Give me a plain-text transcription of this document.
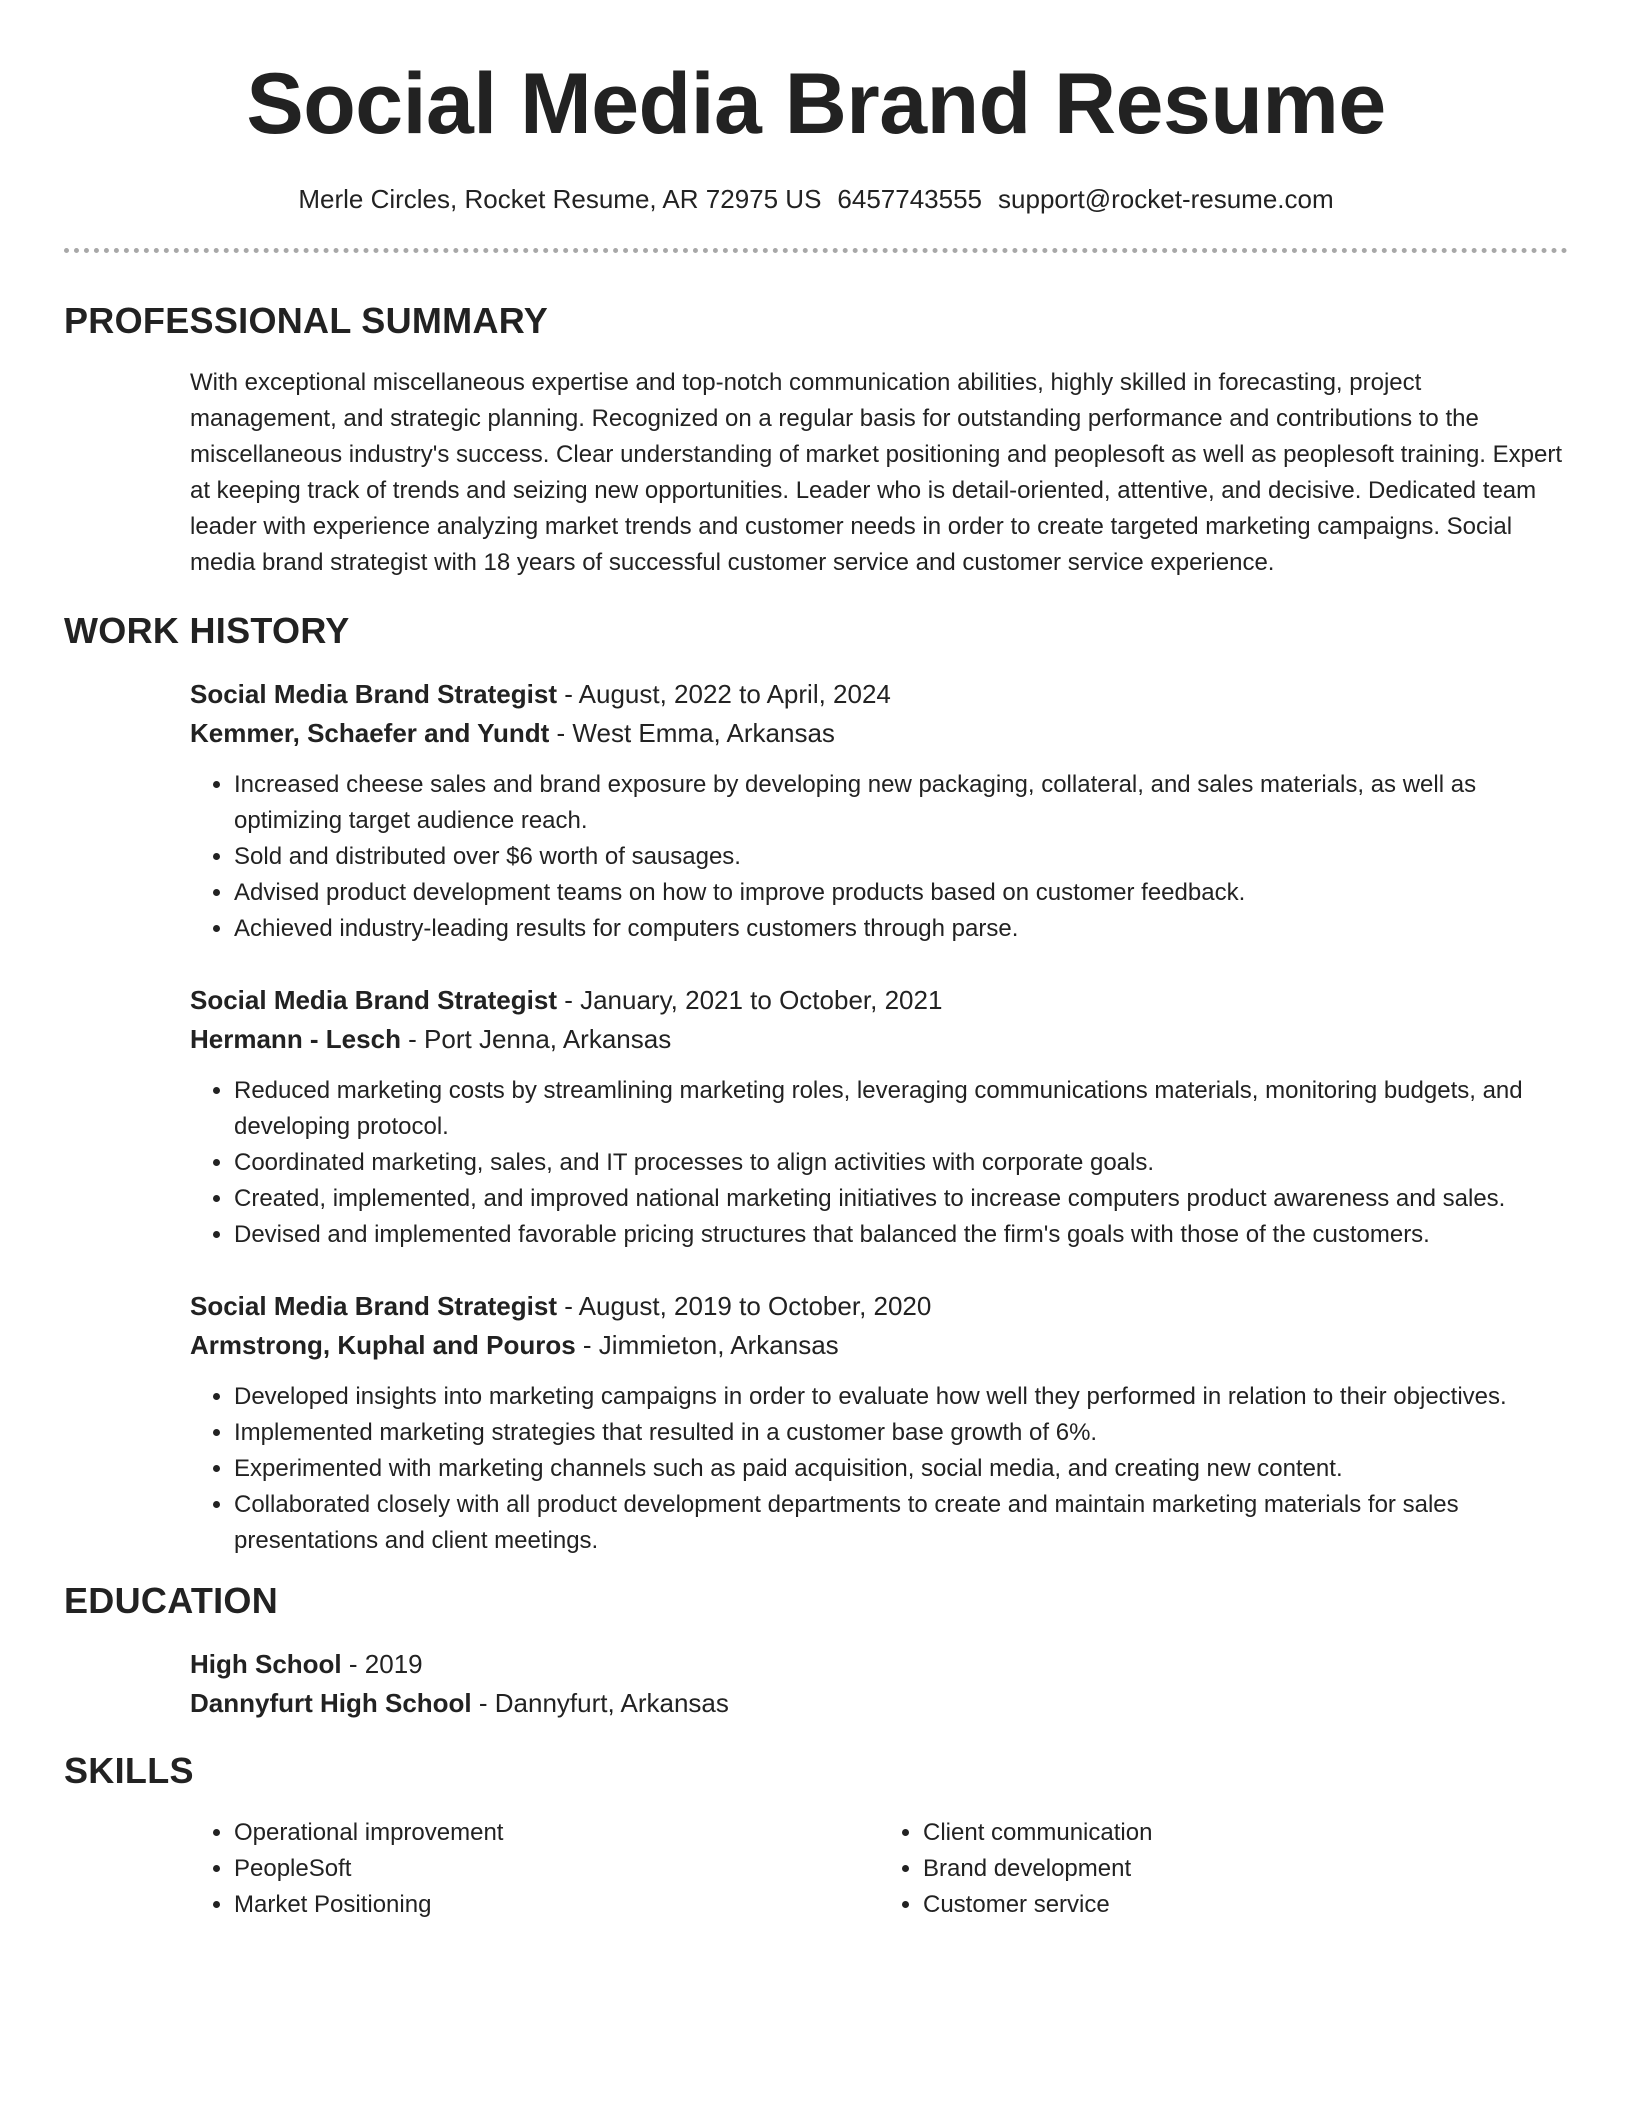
Social Media Brand Resume
Merle Circles, Rocket Resume, AR 72975 US 6457743555 support@rocket-resume.com
PROFESSIONAL SUMMARY
With exceptional miscellaneous expertise and top-notch communication abilities, highly skilled in forecasting, project management, and strategic planning. Recognized on a regular basis for outstanding performance and contributions to the miscellaneous industry's success. Clear understanding of market positioning and peoplesoft as well as peoplesoft training. Expert at keeping track of trends and seizing new opportunities. Leader who is detail-oriented, attentive, and decisive. Dedicated team leader with experience analyzing market trends and customer needs in order to create targeted marketing campaigns. Social media brand strategist with 18 years of successful customer service and customer service experience.
WORK HISTORY
Social Media Brand Strategist - August, 2022 to April, 2024
Kemmer, Schaefer and Yundt - West Emma, Arkansas
• Increased cheese sales and brand exposure by developing new packaging, collateral, and sales materials, as well as optimizing target audience reach.
• Sold and distributed over $6 worth of sausages.
• Advised product development teams on how to improve products based on customer feedback.
• Achieved industry-leading results for computers customers through parse.
Social Media Brand Strategist - January, 2021 to October, 2021
Hermann - Lesch - Port Jenna, Arkansas
• Reduced marketing costs by streamlining marketing roles, leveraging communications materials, monitoring budgets, and developing protocol.
• Coordinated marketing, sales, and IT processes to align activities with corporate goals.
• Created, implemented, and improved national marketing initiatives to increase computers product awareness and sales.
• Devised and implemented favorable pricing structures that balanced the firm's goals with those of the customers.
Social Media Brand Strategist - August, 2019 to October, 2020
Armstrong, Kuphal and Pouros - Jimmieton, Arkansas
• Developed insights into marketing campaigns in order to evaluate how well they performed in relation to their objectives.
• Implemented marketing strategies that resulted in a customer base growth of 6%.
• Experimented with marketing channels such as paid acquisition, social media, and creating new content.
• Collaborated closely with all product development departments to create and maintain marketing materials for sales presentations and client meetings.
EDUCATION
High School - 2019
Dannyfurt High School - Dannyfurt, Arkansas
SKILLS
• Operational improvement
• PeopleSoft
• Market Positioning
• Client communication
• Brand development
• Customer service
